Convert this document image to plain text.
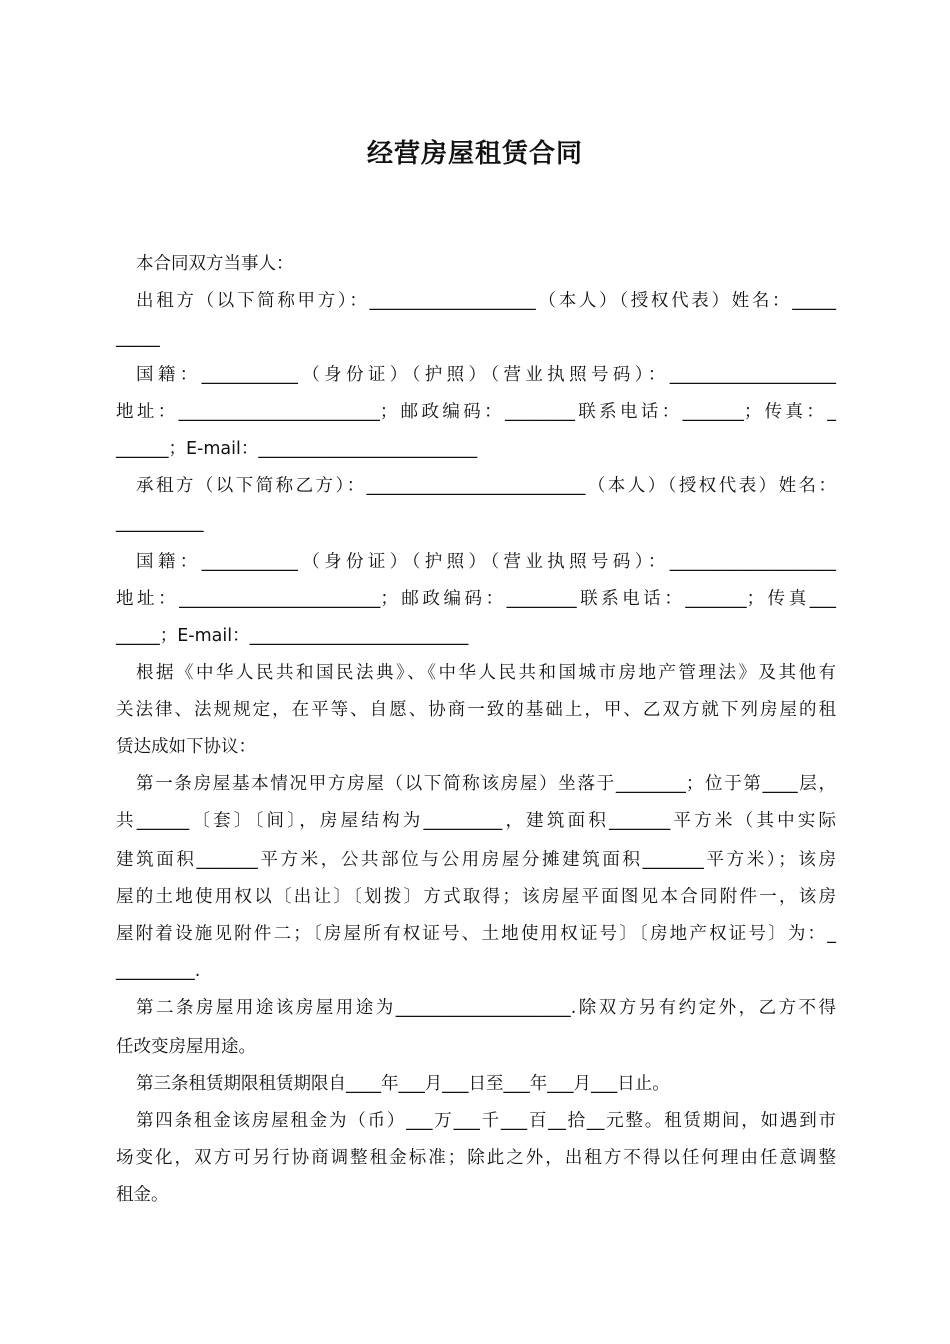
经营房屋租赁合同
本合同双方当事人：
出租方（以下简称甲方）：___________________（本人）（授权代表）姓名：_____
_____
国籍：___________（身份证）（护照）（营业执照号码）：___________________
地址：_______________________；邮政编码：________联系电话：_______；传真：_
______；E-mail：_________________________
承租方（以下简称乙方）：_________________________（本人）（授权代表）姓名：
__________
国籍：___________（身份证）（护照）（营业执照号码）：___________________
地址：_______________________；邮政编码：________联系电话：_______；传真___
_____；E-mail：_________________________
根据《中华人民共和国民法典》、《中华人民共和国城市房地产管理法》及其他有
关法律、法规规定，在平等、自愿、协商一致的基础上，甲、乙双方就下列房屋的租
赁达成如下协议：
第一条房屋基本情况甲方房屋（以下简称该房屋）坐落于________；位于第____层，
共______〔套〕〔间〕，房屋结构为_________，建筑面积_______平方米（其中实际
建筑面积_______平方米，公共部位与公用房屋分摊建筑面积_______平方米）；该房
屋的土地使用权以〔出让〕〔划拨〕方式取得；该房屋平面图见本合同附件一，该房
屋附着设施见附件二；〔房屋所有权证号、土地使用权证号〕〔房地产权证号〕为：_
_________.
第二条房屋用途该房屋用途为____________________.除双方另有约定外，乙方不得
任改变房屋用途。
第三条租赁期限租赁期限自____年___月___日至___年___月___日止。
第四条租金该房屋租金为（币）___万___千___百__拾__元整。租赁期间，如遇到市
场变化，双方可另行协商调整租金标准；除此之外，出租方不得以任何理由任意调整
租金。
